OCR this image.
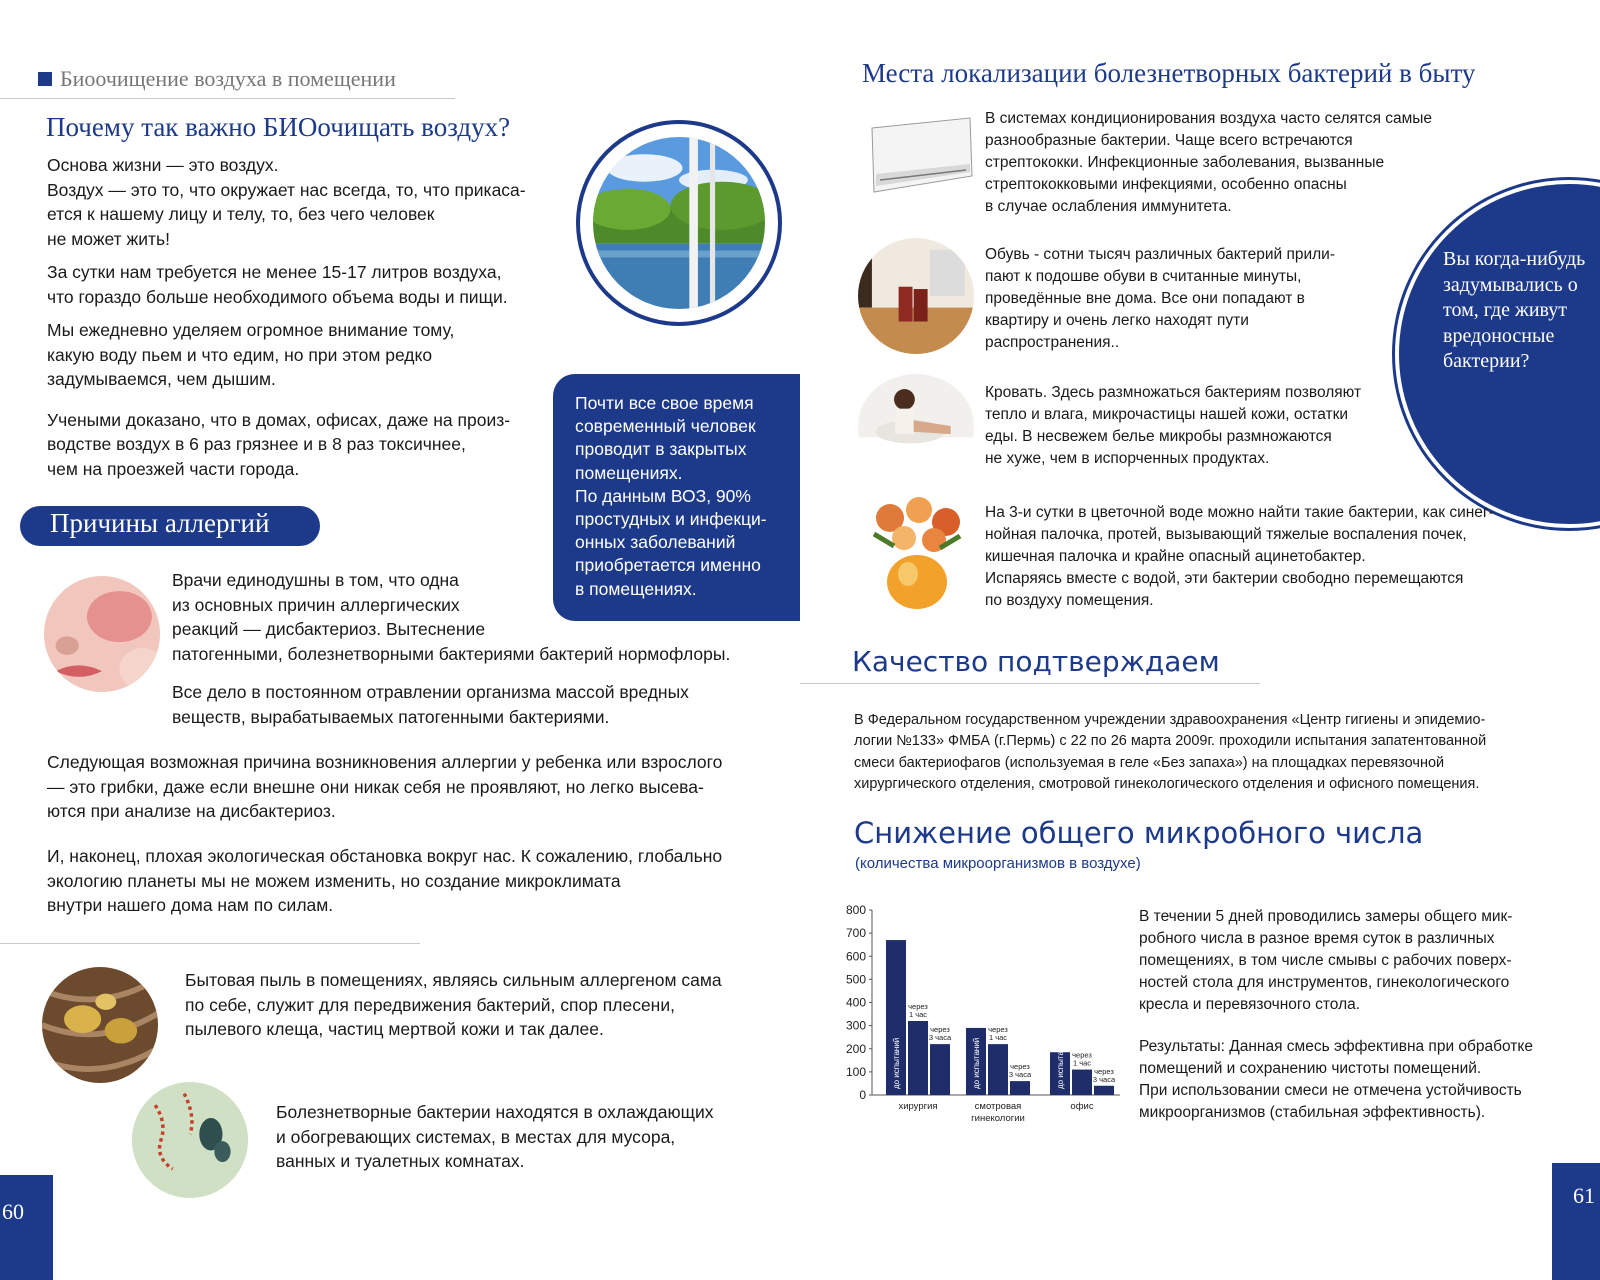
Биоочищение воздуха в помещении
Почему так важно БИОочищать воздух?

Основа жизни — это воздух.

Воздух — это то, что окружает нас всегда, то, что прикаса-

ется к нашему лицу и телу, то, без чего человек

не может жить!

За сутки нам требуется не менее 15-17 литров воздуха,

что гораздо больше необходимого объема воды и пищи.

Мы ежедневно уделяем огромное внимание тому,

какую воду пьем и что едим, но при этом редко

задумываемся, чем дышим.

Учеными доказано, что в домах, офисах, даже на произ-

водстве воздух в 6 раз грязнее и в 8 раз токсичнее,

чем на проезжей части города.

Почти все свое время

современный человек

проводит в закрытых

помещениях.

По данным ВОЗ, 90%

простудных и инфекци-

онных заболеваний

приобретается именно

в помещениях.

Причины аллергий

Врачи единодушны в том, что одна

из основных причин аллергических

реакций — дисбактериоз. Вытеснение

патогенными, болезнетворными бактериями бактерий нормофлоры.

Все дело в постоянном отравлении организма массой вредных

веществ, вырабатываемых патогенными бактериями.

Следующая возможная причина возникновения аллергии у ребенка или взрослого

— это грибки, даже если внешне они никак себя не проявляют, но легко высева-

ются при анализе на дисбактериоз.

И, наконец, плохая экологическая обстановка вокруг нас. К сожалению, глобально

экологию планеты мы не можем изменить, но создание микроклимата

внутри нашего дома нам по силам.

Бытовая пыль в помещениях, являясь сильным аллергеном сама

по себе, служит для передвижения бактерий, спор плесени,

пылевого клеща, частиц мертвой кожи и так далее.

Болезнетворные бактерии находятся в охлаждающих

и обогревающих системах, в местах для мусора,

ванных и туалетных комнатах.

60
Места локализации болезнетворных бактерий в быту
Вы когда-нибудь
задумывались о
том, где живут
вредоносные
бактерии?

В системах кондиционирования воздуха часто селятся самые

разнообразные бактерии. Чаще всего встречаются

стрептококки. Инфекционные заболевания, вызванные

стрептококковыми инфекциями, особенно опасны

в случае ослабления иммунитета.

Обувь - сотни тысяч различных бактерий прили-

пают к подошве обуви в считанные минуты,

проведённые вне дома. Все они попадают в

квартиру и очень легко находят пути

распространения..

Кровать. Здесь размножаться бактериям позволяют

тепло и влага, микрочастицы нашей кожи, остатки

еды. В несвежем белье микробы размножаются

не хуже, чем в испорченных продуктах.

На 3-и сутки в цветочной воде можно найти такие бактерии, как синег-

нойная палочка, протей, вызывающий тяжелые воспаления почек,

кишечная палочка и крайне опасный ацинетобактер.

Испаряясь вместе с водой, эти бактерии свободно перемещаются

по воздуху помещения.

Качество подтверждаем

В Федеральном государственном учреждении здравоохранения «Центр гигиены и эпидемио-

логии №133» ФМБА (г.Пермь) с 22 по 26 марта 2009г. проходили испытания запатентованной

смеси бактериофагов (используемая в геле «Без запаха») на площадках перевязочной

хирургического отделения, смотровой гинекологического отделения и офисного помещения.

Снижение общего микробного числа
(количества микроорганизмов в воздухе)
0
100
200
300
400
500
600
700
800
до испытаний
через
1 час
через
3 часа
хирургия
до испытаний
через
1 час
через
3 часа
смотровая
гинекологии
до испытаний через
1 час
через
3 часа
офис

В течении 5 дней проводились замеры общего мик-

робного числа в разное время суток в различных

помещениях, в том числе смывы с рабочих поверх-

ностей стола для инструментов, гинекологического

кресла и перевязочного стола.

Результаты: Данная смесь эффективна при обработке

помещений и сохранению чистоты помещений.

При использовании смеси не отмечена устойчивость

микроорганизмов (стабильная эффективность).

61
